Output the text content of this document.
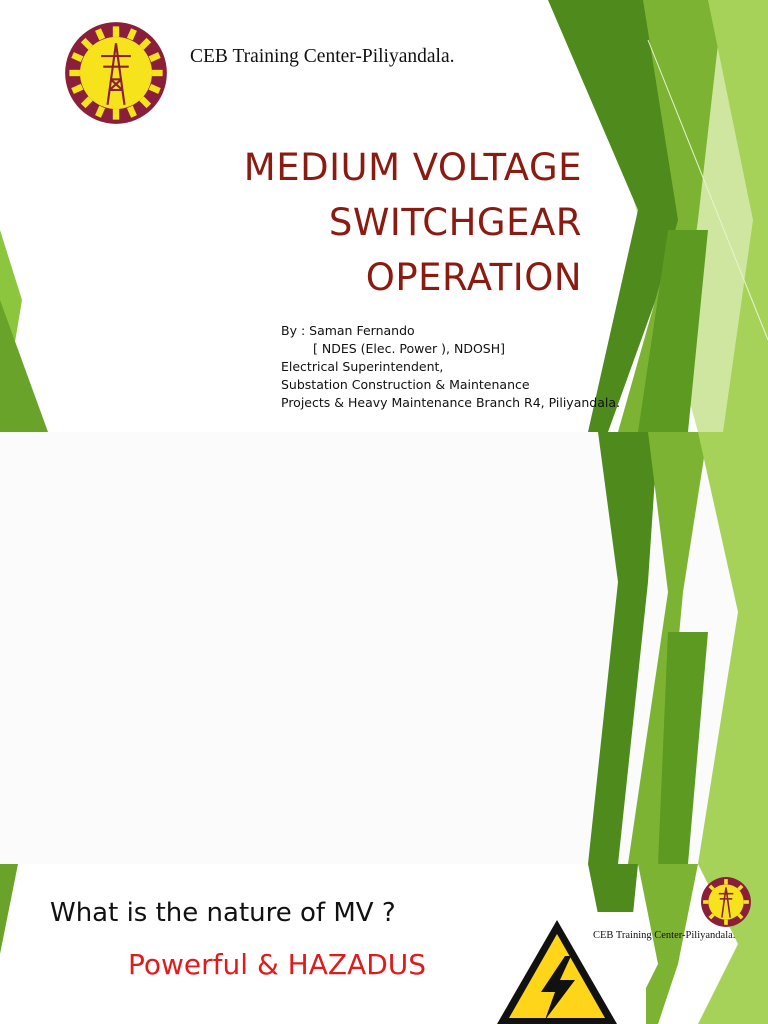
CEB Training Center-Piliyandala.
MEDIUM VOLTAGE
SWITCHGEAR
OPERATION
By : Saman Fernando
[ NDES (Elec. Power ), NDOSH]
Electrical Superintendent,
Substation Construction & Maintenance
Projects & Heavy Maintenance Branch R4, Piliyandala.
CEB Training Center-Piliyandala.
What is the nature of MV ?
Powerful & HAZADUS
